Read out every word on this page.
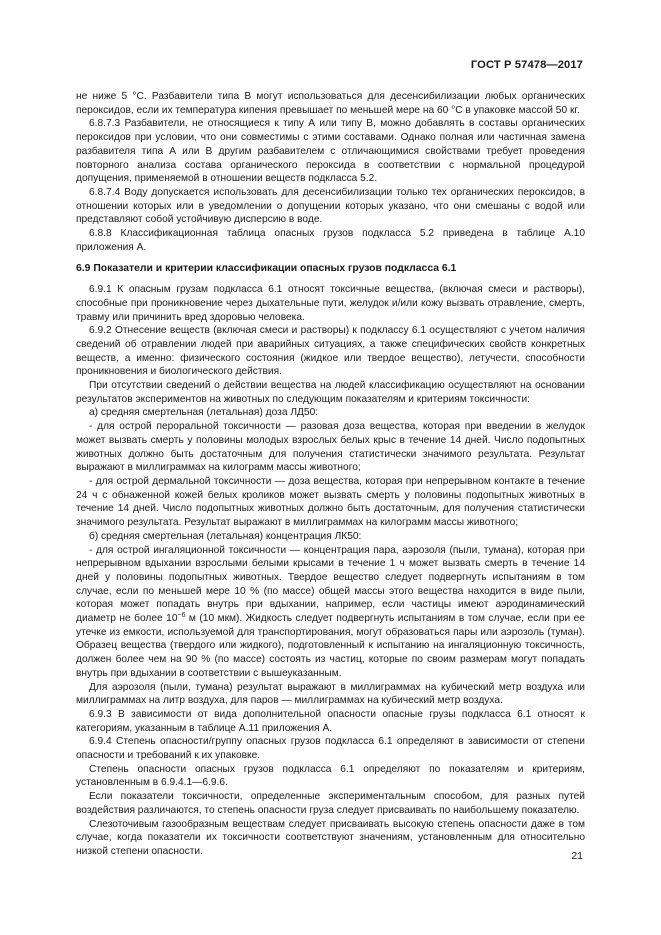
ГОСТ Р 57478—2017
не ниже 5 °С. Разбавители типа В могут использоваться для десенсибилизации любых органических пероксидов, если их температура кипения превышает по меньшей мере на 60 °С в упаковке массой 50 кг.
6.8.7.3 Разбавители, не относящиеся к типу А или типу В, можно добавлять в составы органических пероксидов при условии, что они совместимы с этими составами. Однако полная или частичная замена разбавителя типа А или В другим разбавителем с отличающимися свойствами требует проведения повторного анализа состава органического пероксида в соответствии с нормальной процедурой допущения, применяемой в отношении веществ подкласса 5.2.
6.8.7.4 Воду допускается использовать для десенсибилизации только тех органических пероксидов, в отношении которых или в уведомлении о допущении которых указано, что они смешаны с водой или представляют собой устойчивую дисперсию в воде.
6.8.8 Классификационная таблица опасных грузов подкласса 5.2 приведена в таблице А.10 приложения А.
6.9 Показатели и критерии классификации опасных грузов подкласса 6.1
6.9.1 К опасным грузам подкласса 6.1 относят токсичные вещества, (включая смеси и растворы), способные при проникновение через дыхательные пути, желудок и/или кожу вызвать отравление, смерть, травму или причинить вред здоровью человека.
6.9.2 Отнесение веществ (включая смеси и растворы) к подклассу 6.1 осуществляют с учетом наличия сведений об отравлении людей при аварийных ситуациях, а также специфических свойств конкретных веществ, а именно: физического состояния (жидкое или твердое вещество), летучести, способности проникновения и биологического действия.
При отсутствии сведений о действии вещества на людей классификацию осуществляют на основании результатов экспериментов на животных по следующим показателям и критериям токсичности:
а) средняя смертельная (летальная) доза ЛД50:
- для острой пероральной токсичности — разовая доза вещества, которая при введении в желудок может вызвать смерть у половины молодых взрослых белых крыс в течение 14 дней. Число подопытных животных должно быть достаточным для получения статистически значимого результата. Результат выражают в миллиграммах на килограмм массы животного;
- для острой дермальной токсичности — доза вещества, которая при непрерывном контакте в течение 24 ч с обнаженной кожей белых кроликов может вызвать смерть у половины подопытных животных в течение 14 дней. Число подопытных животных должно быть достаточным, для получения статистически значимого результата. Результат выражают в миллиграммах на килограмм массы животного;
б) средняя смертельная (летальная) концентрация ЛК50:
- для острой ингаляционной токсичности — концентрация пара, аэрозоля (пыли, тумана), которая при непрерывном вдыхании взрослыми белыми крысами в течение 1 ч может вызвать смерть в течение 14 дней у половины подопытных животных. Твердое вещество следует подвергнуть испытаниям в том случае, если по меньшей мере 10 % (по массе) общей массы этого вещества находится в виде пыли, которая может попадать внутрь при вдыхании, например, если частицы имеют аэродинамический диаметр не более $10^{-6}$ м (10 мкм). Жидкость следует подвергнуть испытаниям в том случае, если при ее утечке из емкости, используемой для транспортирования, могут образоваться пары или аэрозоль (туман). Образец вещества (твердого или жидкого), подготовленный к испытанию на ингаляционную токсичность, должен более чем на 90 % (по массе) состоять из частиц, которые по своим размерам могут попадать внутрь при вдыхании в соответствии с вышеуказанным.
Для аэрозоля (пыли, тумана) результат выражают в миллиграммах на кубический метр воздуха или миллиграммах на литр воздуха, для паров — миллиграммах на кубический метр воздуха.
6.9.3 В зависимости от вида дополнительной опасности опасные грузы подкласса 6.1 относят к категориям, указанным в таблице А.11 приложения А.
6.9.4 Степень опасности/группу опасных грузов подкласса 6.1 определяют в зависимости от степени опасности и требований к их упаковке.
Степень опасности опасных грузов подкласса 6.1 определяют по показателям и критериям, установленным в 6.9.4.1—6.9.6.
Если показатели токсичности, определенные экспериментальным способом, для разных путей воздействия различаются, то степень опасности груза следует присваивать по наибольшему показателю.
Слезоточивым газообразным веществам следует присваивать высокую степень опасности даже в том случае, когда показатели их токсичности соответствуют значениям, установленным для относительно низкой степени опасности.	21
